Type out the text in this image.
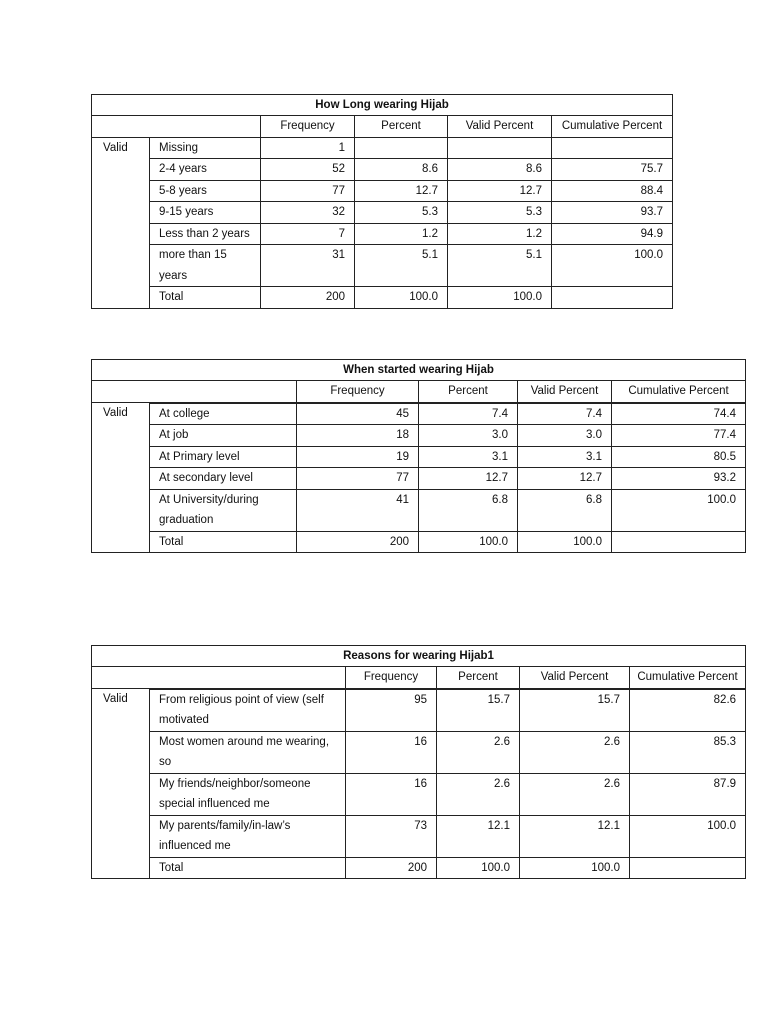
How Long wearing Hijab					
		Frequency	Percent	Valid Percent	Cumulative Percent
Valid	Missing	1			
	2-4 years	52	8.6	8.6	75.7
	5-8 years	77	12.7	12.7	88.4
	9-15 years	32	5.3	5.3	93.7
	Less than 2 years	7	1.2	1.2	94.9
	more than 15 years	31	5.1	5.1	100.0
	Total	200	100.0	100.0	
When started wearing Hijab					
		Frequency	Percent	Valid Percent	Cumulative Percent
Valid					
	At college	45	7.4	7.4	74.4
	At job	18	3.0	3.0	77.4
	At Primary level	19	3.1	3.1	80.5
	At secondary level	77	12.7	12.7	93.2
	At University/during graduation	41	6.8	6.8	100.0
	Total	200	100.0	100.0	
Reasons for wearing Hijab1					
		Frequency	Percent	Valid Percent	Cumulative Percent
Valid					
	From religious point of view (self motivated	95	15.7	15.7	82.6
	Most women around me wearing, so	16	2.6	2.6	85.3
	My friends/neighbor/someone special influenced me	16	2.6	2.6	87.9
	My parents/family/in-law’s influenced me	73	12.1	12.1	100.0
	Total	200	100.0	100.0	
